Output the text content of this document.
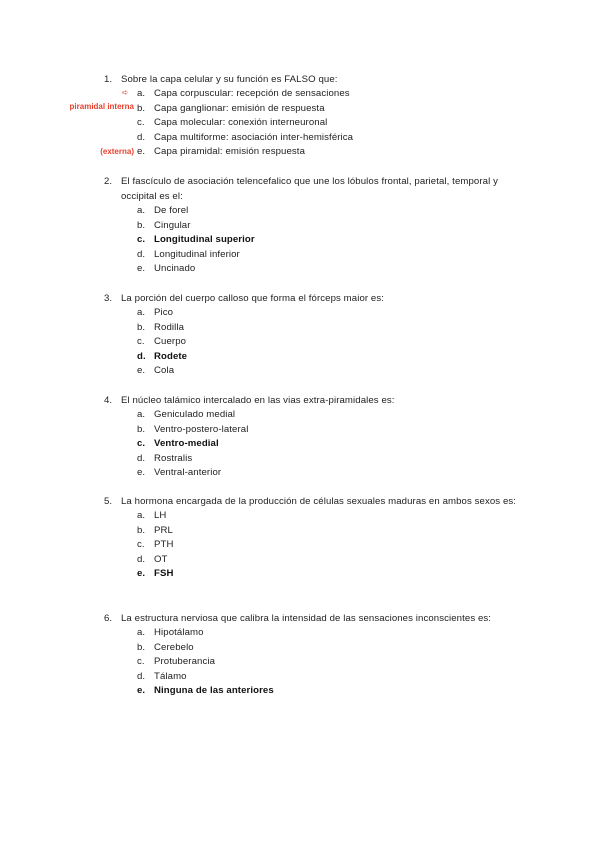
➪
1. Sobre la capa celular y su función es FALSO que:
a. Capa corpuscular: recepción de sensaciones
b. Capa ganglionar: emisión de respuesta
c. Capa molecular: conexión interneuronal
d. Capa multiforme: asociación inter-hemisférica
e. Capa piramidal: emisión respuesta
piramidal interna
(externa)
2. El fascículo de asociación telencefalico que une los lóbulos frontal, parietal, temporal y occipital es el:
a. De forel
b. Cingular
c. Longitudinal superior
d. Longitudinal inferior
e. Uncinado
3. La porción del cuerpo calloso que forma el fórceps maior es:
a. Pico
b. Rodilla
c. Cuerpo
d. Rodete
e. Cola
4. El núcleo talámico intercalado en las vias extra-piramidales es:
a. Geniculado medial
b. Ventro-postero-lateral
c. Ventro-medial
d. Rostralis
e. Ventral-anterior
5. La hormona encargada de la producción de células sexuales maduras en ambos sexos es:
a. LH
b. PRL
c. PTH
d. OT
e. FSH
6. La estructura nerviosa que calibra la intensidad de las sensaciones inconscientes es:
a. Hipotálamo
b. Cerebelo
c. Protuberancia
d. Tálamo
e. Ninguna de las anteriores
